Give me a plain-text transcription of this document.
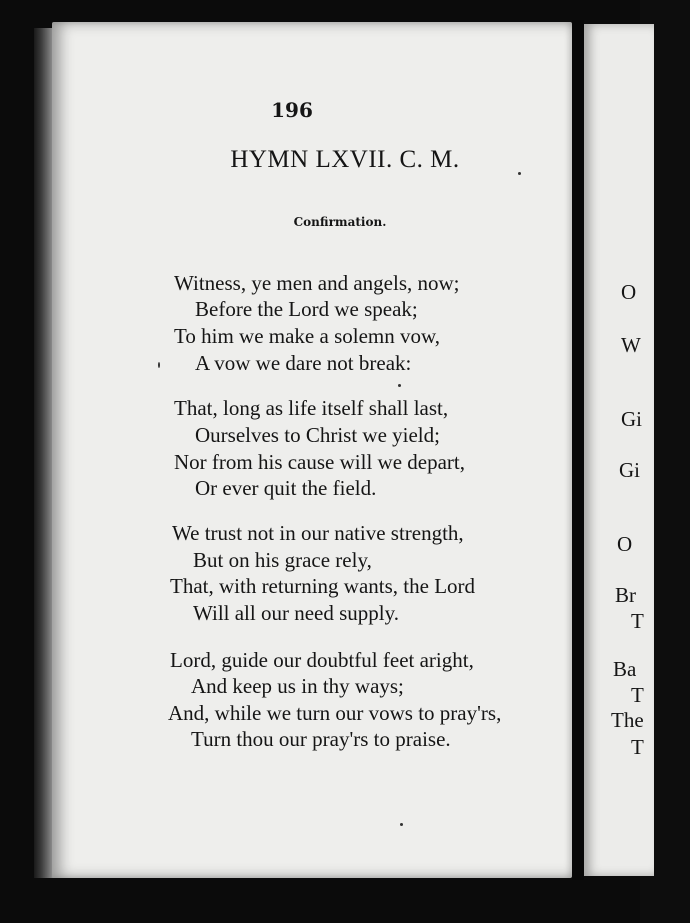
196
HYMN LXVII. C. M.
Confirmation.
Witness, ye men and angels, now;
Before the Lord we speak;
To him we make a solemn vow,
A vow we dare not break:
That, long as life itself shall last,
Ourselves to Christ we yield;
Nor from his cause will we depart,
Or ever quit the field.
We trust not in our native strength,
But on his grace rely,
That, with returning wants, the Lord
Will all our need supply.
Lord, guide our doubtful feet aright,
And keep us in thy ways;
And, while we turn our vows to pray'rs,
Turn thou our pray'rs to praise.
O
W
Gi
Gi
O
Br
T
Ba
T
The
T
